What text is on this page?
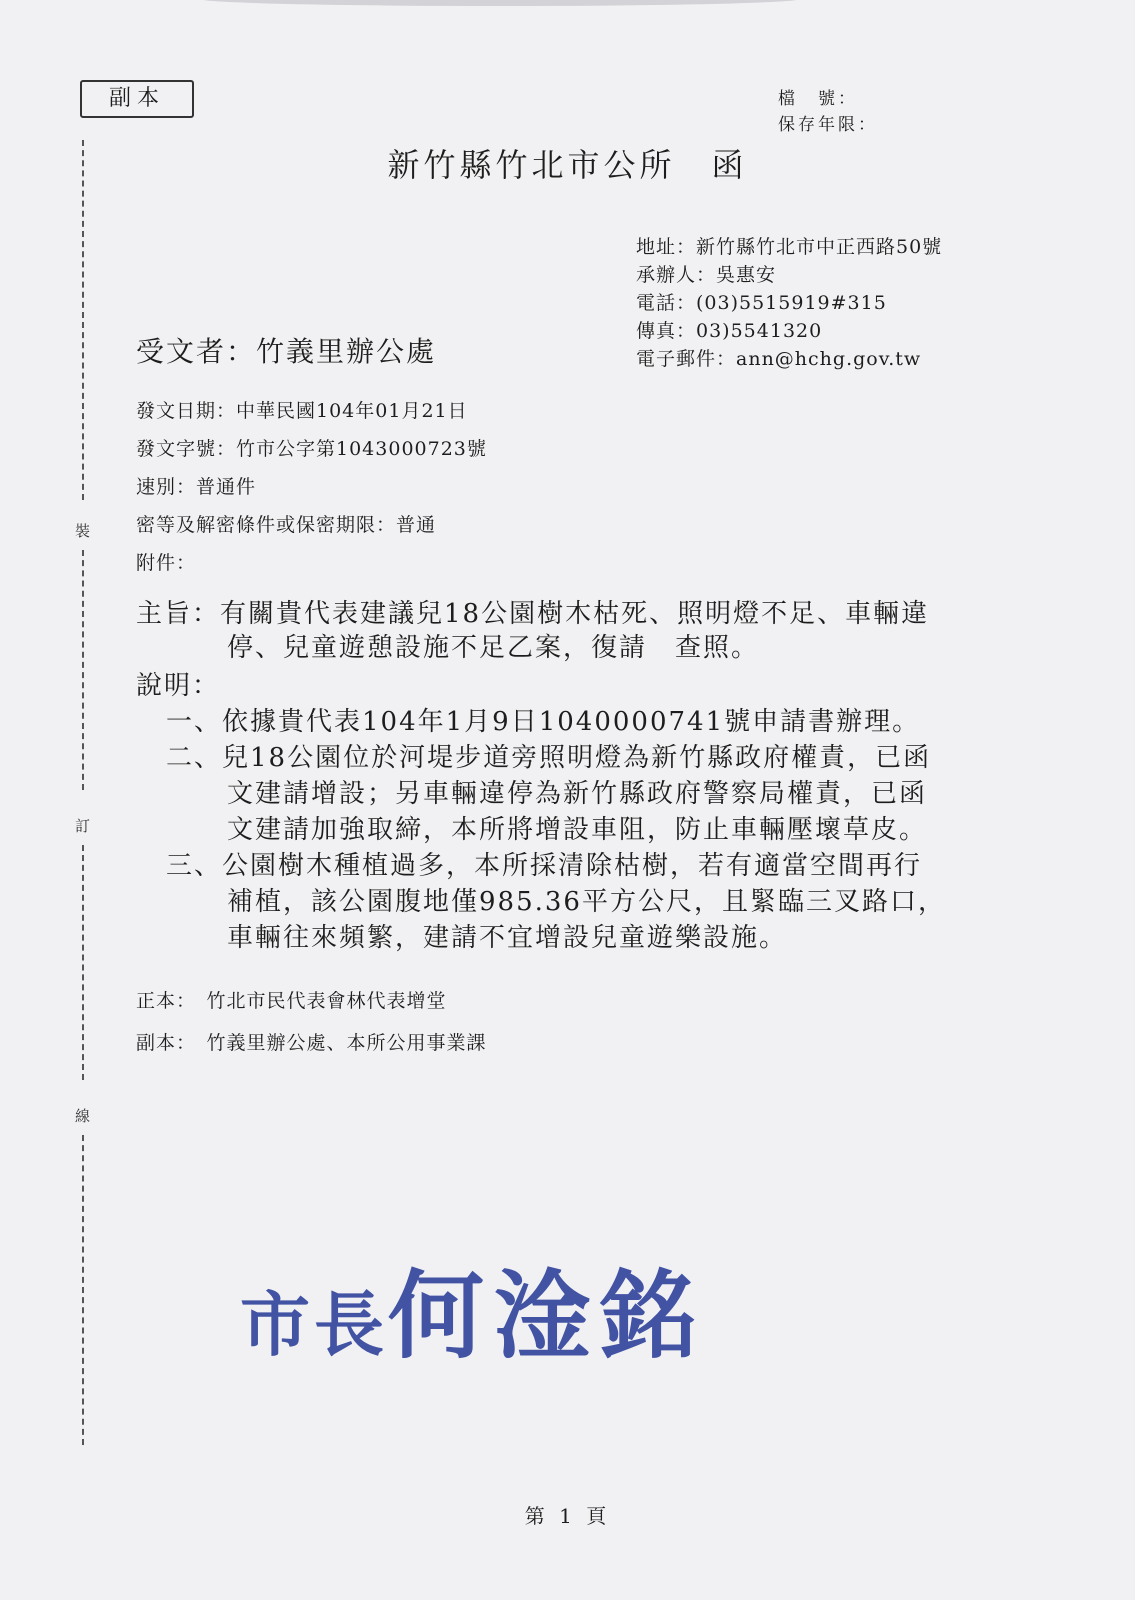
副本	檔　號：
保存年限：
新竹縣竹北市公所　函
地址：新竹縣竹北市中正西路50號
承辦人：吳惠安
電話：(03)5515919#315
傳真：03)5541320
電子郵件：ann@hchg.gov.tw
受文者：竹義里辦公處
發文日期：中華民國104年01月21日
發文字號：竹市公字第1043000723號
速別：普通件
密等及解密條件或保密期限：普通
附件：
主旨：有關貴代表建議兒18公園樹木枯死、照明燈不足、車輛違
停、兒童遊憩設施不足乙案，復請　查照。
說明：
一、依據貴代表104年1月9日1040000741號申請書辦理。
二、兒18公園位於河堤步道旁照明燈為新竹縣政府權責，已函
文建請增設；另車輛違停為新竹縣政府警察局權責，已函
文建請加強取締，本所將增設車阻，防止車輛壓壞草皮。
三、公園樹木種植過多，本所採清除枯樹，若有適當空間再行
補植，該公園腹地僅985.36平方公尺，且緊臨三叉路口，
車輛往來頻繁，建請不宜增設兒童遊樂設施。
正本：　竹北市民代表會林代表增堂
副本：　竹義里辦公處、本所公用事業課
裝
訂
線
市長何淦銘
第 1 頁
